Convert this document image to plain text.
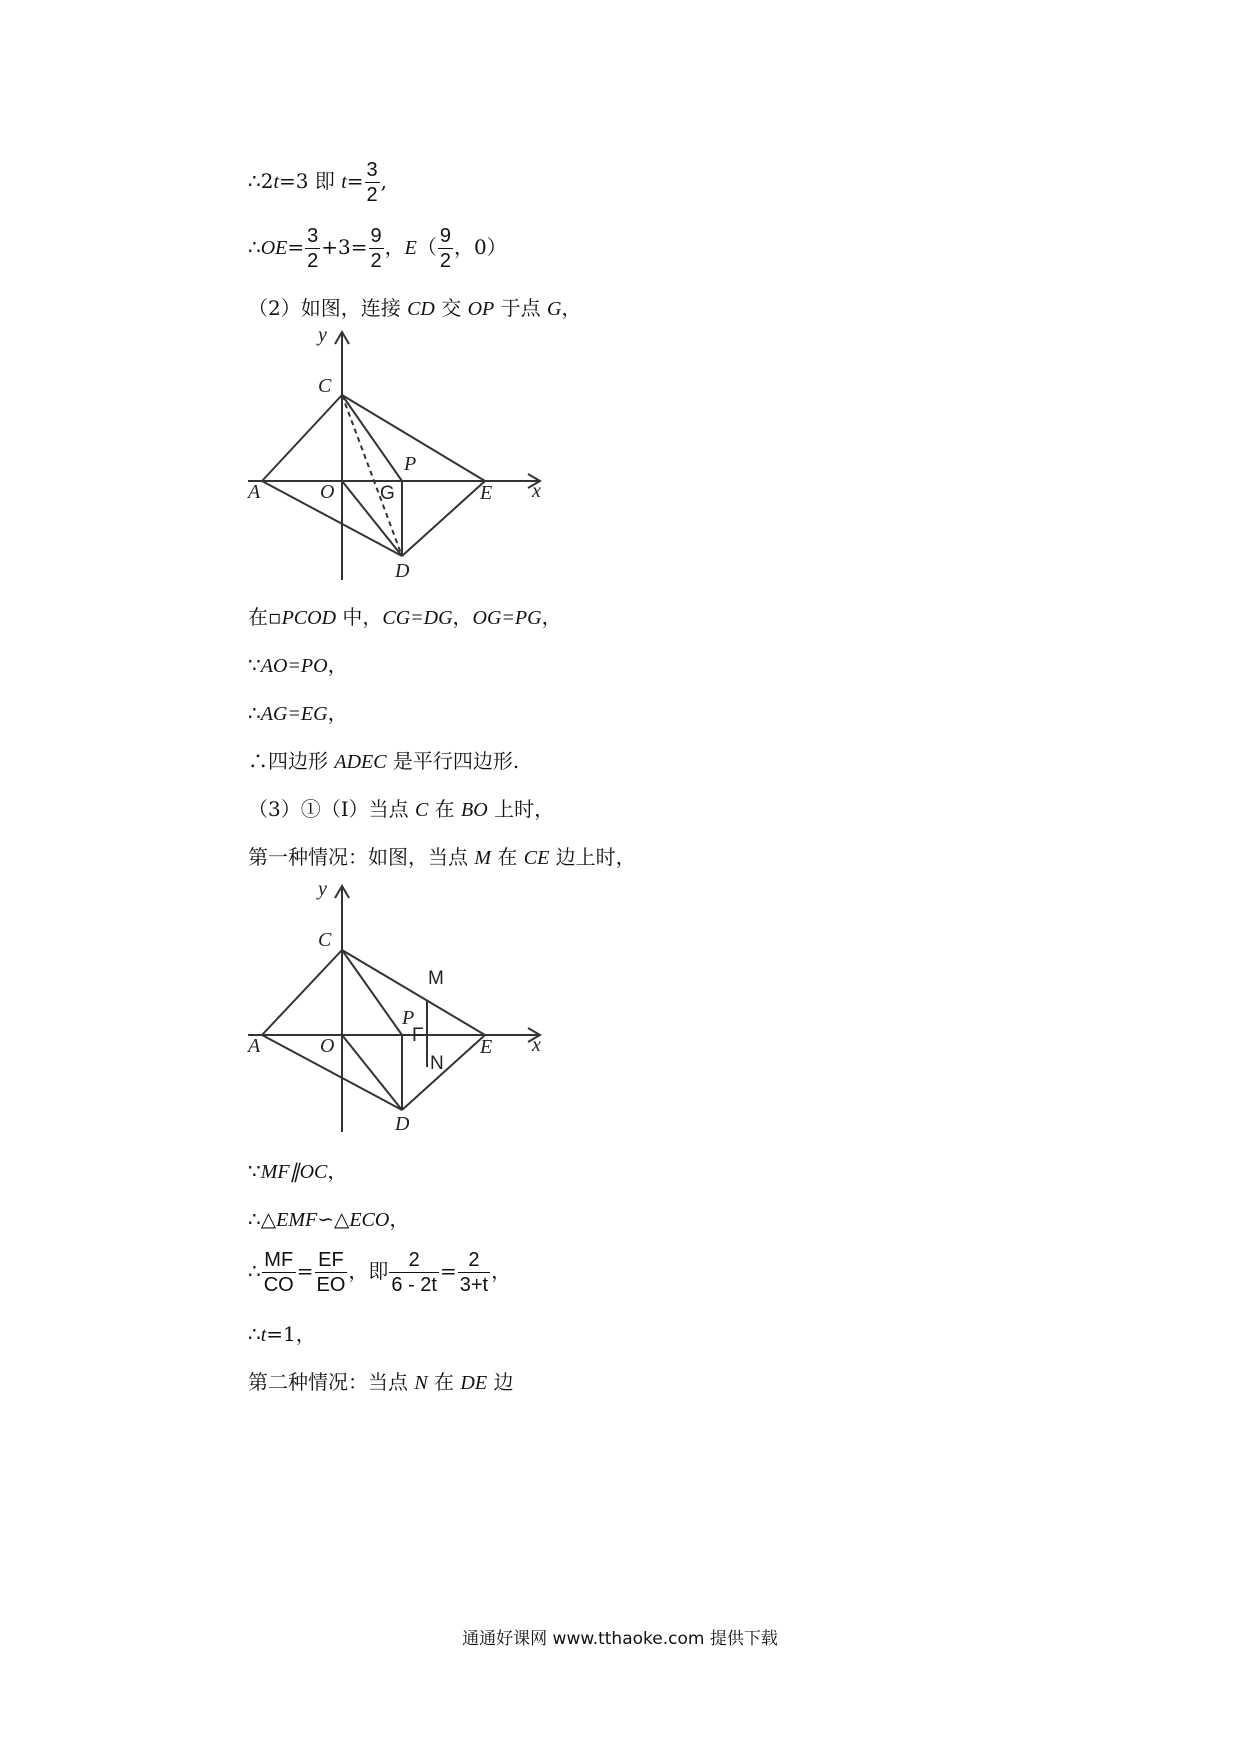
∴2t=3 即 $t= \frac{3}{2}$ ,
∴OE= $\frac{3}{2} +3= \frac{9}{2}$ ，$E( \frac{9}{2}$ ，0）
（2）如图，连接 CD 交 OP 于点 G，
y
x
C
P
A	O G	E
D
在▫PCOD 中，CG=DG，OG=PG，
∵AO=PO，
∴AG=EG，
∴四边形 ADEC 是平行四边形.
（3）①（Ⅰ）当点 C 在 BO 上时，
第一种情况：如图，当点 M 在 CE 边上时，
y
x
C
M
P
F
A	O
N
E
D
∵MF∥OC，
∴△EMF∽△ECO，
∴ $\frac{MF}{CO} = \frac{EF}{EO}$ ，即 $\frac{2}{6 - 2t} = \frac{2}{3+t}$ ，
∴t=1，
第二种情况：当点 N 在 DE 边
通通好课网 www.tthaoke.com 提供下载
